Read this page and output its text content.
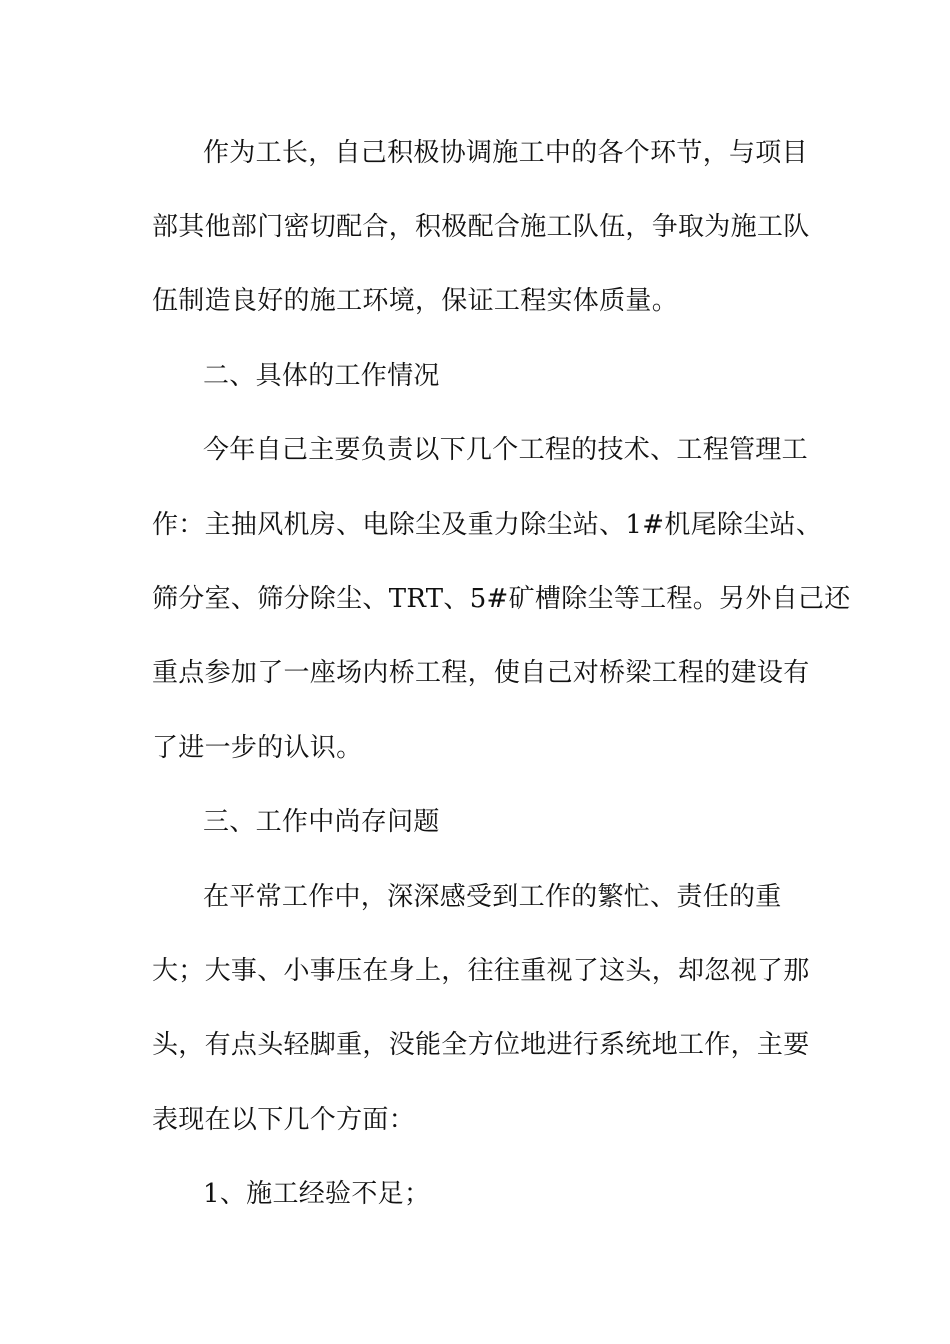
作为工长，自己积极协调施工中的各个环节，与项目
部其他部门密切配合，积极配合施工队伍，争取为施工队
伍制造良好的施工环境，保证工程实体质量。
二、具体的工作情况
今年自己主要负责以下几个工程的技术、工程管理工
作：主抽风机房、电除尘及重力除尘站、1#机尾除尘站、
筛分室、筛分除尘、TRT、5#矿槽除尘等工程。另外自己还
重点参加了一座场内桥工程，使自己对桥梁工程的建设有
了进一步的认识。
三、工作中尚存问题
在平常工作中，深深感受到工作的繁忙、责任的重
大；大事、小事压在身上，往往重视了这头，却忽视了那
头，有点头轻脚重，没能全方位地进行系统地工作，主要
表现在以下几个方面：
1、施工经验不足；
